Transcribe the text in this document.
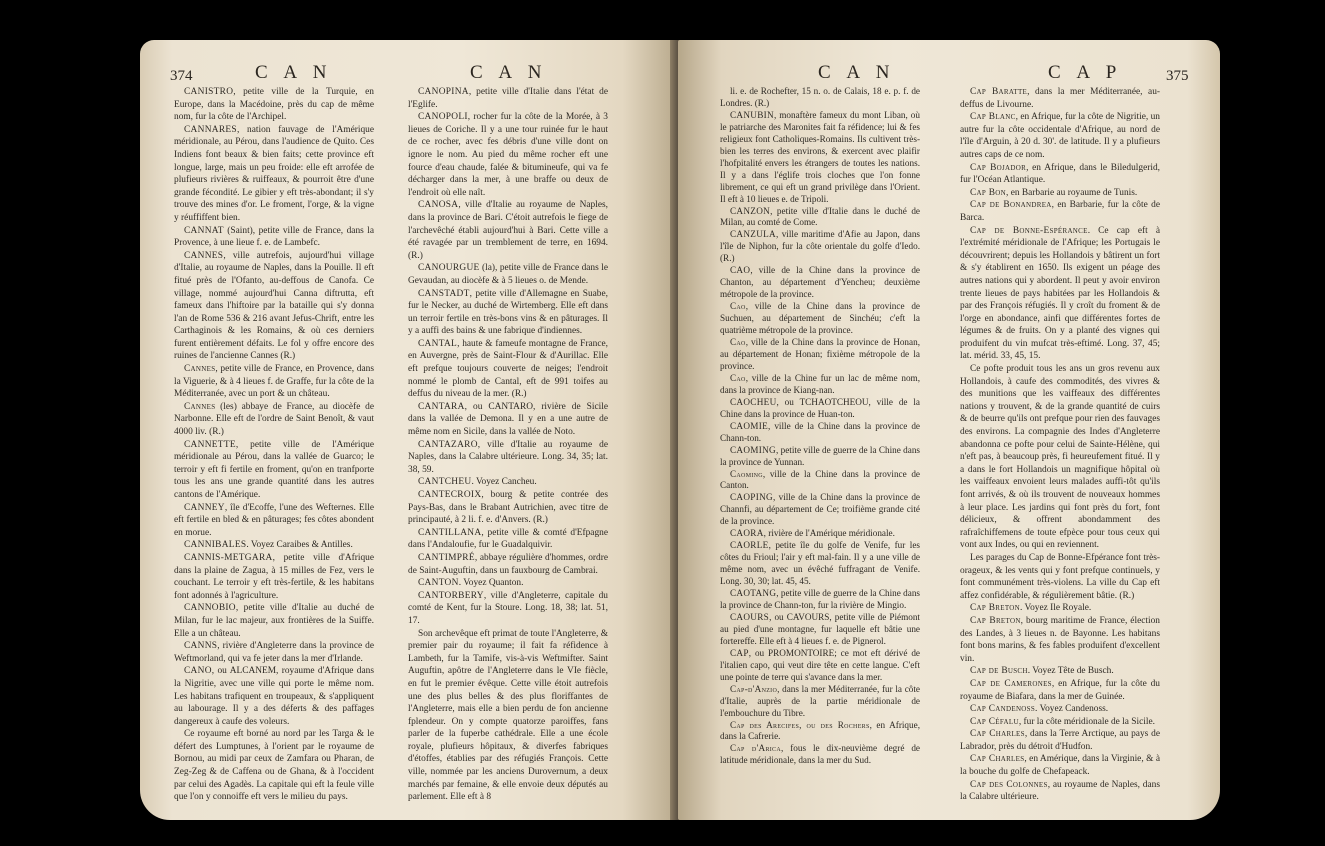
374	C A N	C A N

CANISTRO, petite ville de la Turquie, en Europe, dans la Macédoine, près du cap de même nom, fur la côte de l'Archipel.

CANNARES, nation fauvage de l'Amérique méridionale, au Pérou, dans l'audience de Quito. Ces Indiens font beaux & bien faits; cette province eft longue, large, mais un peu froide: elle eft arrofée de plufieurs rivières & ruiffeaux, & pourroit être d'une grande fécondité. Le gibier y eft très-abondant; il s'y trouve des mines d'or. Le froment, l'orge, & la vigne y réuffiffent bien.

CANNAT (Saint), petite ville de France, dans la Provence, à une lieue f. e. de Lambefc.

CANNES, ville autrefois, aujourd'hui village d'Italie, au royaume de Naples, dans la Pouille. Il eft fitué près de l'Ofanto, au-deffous de Canofa. Ce village, nommé aujourd'hui Canna diftrutta, eft fameux dans l'hiftoire par la bataille qui s'y donna l'an de Rome 536 & 216 avant Jefus-Chrift, entre les Carthaginois & les Romains, & où ces derniers furent entièrement défaits. Le fol y offre encore des ruines de l'ancienne Cannes (R.)

Cannes, petite ville de France, en Provence, dans la Viguerie, & à 4 lieues f. de Graffe, fur la côte de la Méditerranée, avec un port & un château.

Cannes (les) abbaye de France, au diocèfe de Narbonne. Elle eft de l'ordre de Saint Benoît, & vaut 4000 liv. (R.)

CANNETTE, petite ville de l'Amérique méridionale au Pérou, dans la vallée de Guarco; le terroir y eft fi fertile en froment, qu'on en tranfporte tous les ans une grande quantité dans les autres cantons de l'Amérique.

CANNEY, île d'Ecoffe, l'une des Wefternes. Elle eft fertile en bled & en pâturages; fes côtes abondent en morue.

CANNIBALES. Voyez Caraibes & Antilles.

CANNIS-METGARA, petite ville d'Afrique dans la plaine de Zagua, à 15 milles de Fez, vers le couchant. Le terroir y eft très-fertile, & les habitans font adonnés à l'agriculture.

CANNOBIO, petite ville d'Italie au duché de Milan, fur le lac majeur, aux frontières de la Suiffe. Elle a un château.

CANNS, rivière d'Angleterre dans la province de Weftmorland, qui va fe jeter dans la mer d'Irlande.

CANO, ou ALCANEM, royaume d'Afrique dans la Nigritie, avec une ville qui porte le même nom. Les habitans trafiquent en troupeaux, & s'appliquent au labourage. Il y a des déferts & des paffages dangereux à caufe des voleurs.

Ce royaume eft borné au nord par les Targa & le défert des Lumptunes, à l'orient par le royaume de Bornou, au midi par ceux de Zamfara ou Pharan, de Zeg-Zeg & de Caffena ou de Ghana, & à l'occident par celui des Agadès. La capitale qui eft la feule ville que l'on y connoiffe eft vers le milieu du pays.

CANOPINA, petite ville d'Italie dans l'état de l'Eglife.

CANOPOLI, rocher fur la côte de la Morée, à 3 lieues de Coriche. Il y a une tour ruinée fur le haut de ce rocher, avec fes débris d'une ville dont on ignore le nom. Au pied du même rocher eft une fource d'eau chaude, falée & bitumineufe, qui va fe décharger dans la mer, à une braffe ou deux de l'endroit où elle naît.

CANOSA, ville d'Italie au royaume de Naples, dans la province de Bari. C'étoit autrefois le fiege de l'archevêché établi aujourd'hui à Bari. Cette ville a été ravagée par un tremblement de terre, en 1694. (R.)

CANOURGUE (la), petite ville de France dans le Gevaudan, au diocèfe & à 5 lieues o. de Mende.

CANSTADT, petite ville d'Allemagne en Suabe, fur le Necker, au duché de Wirtemberg. Elle eft dans un terroir fertile en très-bons vins & en pâturages. Il y a auffi des bains & une fabrique d'indiennes.

CANTAL, haute & fameufe montagne de France, en Auvergne, près de Saint-Flour & d'Aurillac. Elle eft prefque toujours couverte de neiges; l'endroit nommé le plomb de Cantal, eft de 991 toifes au deffus du niveau de la mer. (R.)

CANTARA, ou CANTARO, rivière de Sicile dans la vallée de Demona. Il y en a une autre de même nom en Sicile, dans la vallée de Noto.

CANTAZARO, ville d'Italie au royaume de Naples, dans la Calabre ultérieure. Long. 34, 35; lat. 38, 59.

CANTCHEU. Voyez Cancheu.

CANTECROIX, bourg & petite contrée des Pays-Bas, dans le Brabant Autrichien, avec titre de principauté, à 2 li. f. e. d'Anvers. (R.)

CANTILLANA, petite ville & comté d'Efpagne dans l'Andaloufie, fur le Guadalquivir.

CANTIMPRÉ, abbaye régulière d'hommes, ordre de Saint-Auguftin, dans un fauxbourg de Cambrai.

CANTON. Voyez Quanton.

CANTORBERY, ville d'Angleterre, capitale du comté de Kent, fur la Stoure. Long. 18, 38; lat. 51, 17.

Son archevêque eft primat de toute l'Angleterre, & premier pair du royaume; il fait fa réfidence à Lambeth, fur la Tamife, vis-à-vis Weftmifter. Saint Auguftin, apôtre de l'Angleterre dans le VIe fiècle, en fut le premier évêque. Cette ville étoit autrefois une des plus belles & des plus floriffantes de l'Angleterre, mais elle a bien perdu de fon ancienne fplendeur. On y compte quatorze paroiffes, fans parler de la fuperbe cathédrale. Elle a une école royale, plufieurs hôpitaux, & diverfes fabriques d'étoffes, établies par des réfugiés François. Cette ville, nommée par les anciens Durovernum, a deux marchés par femaine, & elle envoie deux députés au parlement. Elle eft à 8

C A N	C A P	375

li. e. de Rochefter, 15 n. o. de Calais, 18 e. p. f. de Londres. (R.)

CANUBIN, monaftère fameux du mont Liban, où le patriarche des Maronites fait fa réfidence; lui & fes religieux font Catholiques-Romains. Ils cultivent très-bien les terres des environs, & exercent avec plaifir l'hofpitalité envers les étrangers de toutes les nations. Il y a dans l'églife trois cloches que l'on fonne librement, ce qui eft un grand privilège dans l'Orient. Il eft à 10 lieues e. de Tripoli.

CANZON, petite ville d'Italie dans le duché de Milan, au comté de Come.

CANZULA, ville maritime d'Afie au Japon, dans l'île de Niphon, fur la côte orientale du golfe d'Iedo. (R.)

CAO, ville de la Chine dans la province de Chanton, au département d'Yencheu; deuxième métropole de la province.

Cao, ville de la Chine dans la province de Suchuen, au département de Sinchéu; c'eft la quatrième métropole de la province.

Cao, ville de la Chine dans la province de Honan, au département de Honan; fixième métropole de la province.

Cao, ville de la Chine fur un lac de même nom, dans la province de Kiang-nan.

CAOCHEU, ou TCHAOTCHEOU, ville de la Chine dans la province de Huan-ton.

CAOMIE, ville de la Chine dans la province de Chann-ton.

CAOMING, petite ville de guerre de la Chine dans la province de Yunnan.

Caoming, ville de la Chine dans la province de Canton.

CAOPING, ville de la Chine dans la province de Channfi, au département de Ce; troifième grande cité de la province.

CAORA, rivière de l'Amérique méridionale.

CAORLE, petite île du golfe de Venife, fur les côtes du Frioul; l'air y eft mal-fain. Il y a une ville de même nom, avec un évêché fuffragant de Venife. Long. 30, 30; lat. 45, 45.

CAOTANG, petite ville de guerre de la Chine dans la province de Chann-ton, fur la rivière de Mingio.

CAOURS, ou CAVOURS, petite ville de Piémont au pied d'une montagne, fur laquelle eft bâtie une fortereffe. Elle eft à 4 lieues f. e. de Pignerol.

CAP, ou PROMONTOIRE; ce mot eft dérivé de l'italien capo, qui veut dire tête en cette langue. C'eft une pointe de terre qui s'avance dans la mer.

Cap-d'Anzio, dans la mer Méditerranée, fur la côte d'Italie, auprès de la partie méridionale de l'embouchure du Tibre.

Cap des Arecifes, ou des Rochers, en Afrique, dans la Cafrerie.

Cap d'Arica, fous le dix-neuvième degré de latitude méridionale, dans la mer du Sud.

Cap Baratte, dans la mer Méditerranée, au-deffus de Livourne.

Cap Blanc, en Afrique, fur la côte de Nigritie, un autre fur la côte occidentale d'Afrique, au nord de l'île d'Arguin, à 20 d. 30'. de latitude. Il y a plufieurs autres caps de ce nom.

Cap Bojador, en Afrique, dans le Biledulgerid, fur l'Océan Atlantique.

Cap Bon, en Barbarie au royaume de Tunis.

Cap de Bonandrea, en Barbarie, fur la côte de Barca.

Cap de Bonne-Espérance. Ce cap eft à l'extrémité méridionale de l'Afrique; les Portugais le découvrirent; depuis les Hollandois y bâtirent un fort & s'y établirent en 1650. Ils exigent un péage des autres nations qui y abordent. Il peut y avoir environ trente lieues de pays habitées par les Hollandois & par des François réfugiés. Il y croît du froment & de l'orge en abondance, ainfi que différentes fortes de légumes & de fruits. On y a planté des vignes qui produifent du vin mufcat très-eftimé. Long. 37, 45; lat. mérid. 33, 45, 15.

Ce pofte produit tous les ans un gros revenu aux Hollandois, à caufe des commodités, des vivres & des munitions que les vaiffeaux des différentes nations y trouvent, & de la grande quantité de cuirs & de beurre qu'ils ont prefque pour rien des fauvages des environs. La compagnie des Indes d'Angleterre abandonna ce pofte pour celui de Sainte-Hélène, qui n'eft pas, à beaucoup près, fi heureufement fitué. Il y a dans le fort Hollandois un magnifique hôpital où les vaiffeaux envoient leurs malades auffi-tôt qu'ils font arrivés, & où ils trouvent de nouveaux hommes à leur place. Les jardins qui font près du fort, font délicieux, & offrent abondamment des rafraîchiffemens de toute efpèce pour tous ceux qui vont aux Indes, ou qui en reviennent.

Les parages du Cap de Bonne-Efpérance font très-orageux, & les vents qui y font prefque continuels, y font communément très-violens. La ville du Cap eft affez confidérable, & régulièrement bâtie. (R.)

Cap Breton. Voyez Ile Royale.

Cap Breton, bourg maritime de France, élection des Landes, à 3 lieues n. de Bayonne. Les habitans font bons marins, & fes fables produifent d'excellent vin.

Cap de Busch. Voyez Tête de Busch.

Cap de Camerones, en Afrique, fur la côte du royaume de Biafara, dans la mer de Guinée.

Cap Candenoss. Voyez Candenoss.

Cap Céfalu, fur la côte méridionale de la Sicile.

Cap Charles, dans la Terre Arctique, au pays de Labrador, près du détroit d'Hudfon.

Cap Charles, en Amérique, dans la Virginie, & à la bouche du golfe de Chefapeack.

Cap des Colonnes, au royaume de Naples, dans la Calabre ultérieure.
